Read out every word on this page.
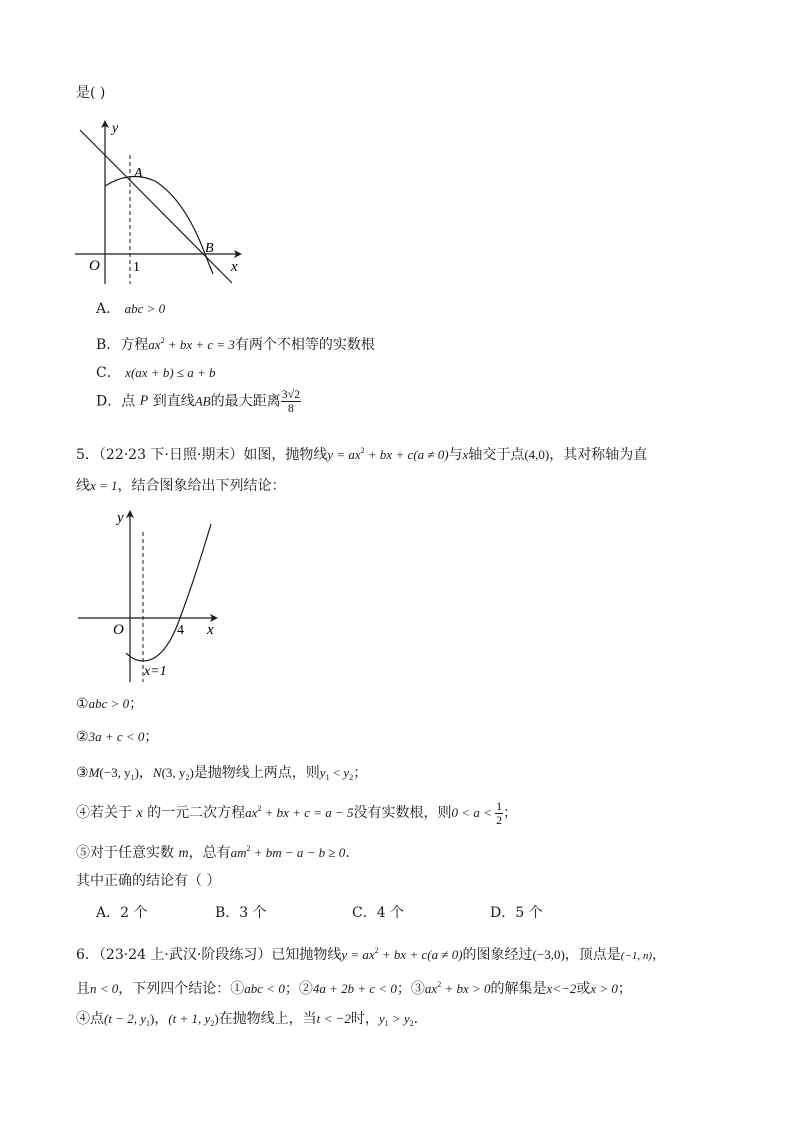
是( )
y
A
B
O 1	x
A． abc > 0
B．方程$ax^2$ + bx + c = 3有两个不相等的实数根
C． x(ax + b) ≤ a + b
D．点 P 到直线AB的最大距离 $\frac{3√2}{8}$
5．（22·23 下·日照·期末）如图，抛物线$y = ax^2$ + bx + c(a ≠ 0)与x轴交于点(4,0)，其对称轴为直
线x = 1，结合图象给出下列结论：
y
O	4 x
x=1
①abc > 0；
②3a + c < 0；
③M(−3, $y_1$)，N(3, $y_2$)是抛物线上两点，则$y_1 < y_2$；
④若关于 x 的一元二次方程$ax^2$ + bx + c = a − 5没有实数根，则$0 < a < \frac{1}{2}$ ；
⑤对于任意实数 m，总有$am^2$ + bm − a − b ≥ 0．
其中正确的结论有（ ）
A．2 个	B．3 个	C．4 个	D．5 个
6．（23·24 上·武汉·阶段练习）已知抛物线$y = ax^2$ + bx + c(a ≠ 0)的图象经过(−3,0)，顶点是(−1, n)，
且n < 0，下列四个结论：①abc < 0；②4a + 2b + c < 0；$③ax^2$ + bx > 0的解集是x<−2或x > 0；
④点(t − 2, $y_1$)，(t + 1, $y_2$)在抛物线上，当t < −2时，$y_1 > y_2$．
